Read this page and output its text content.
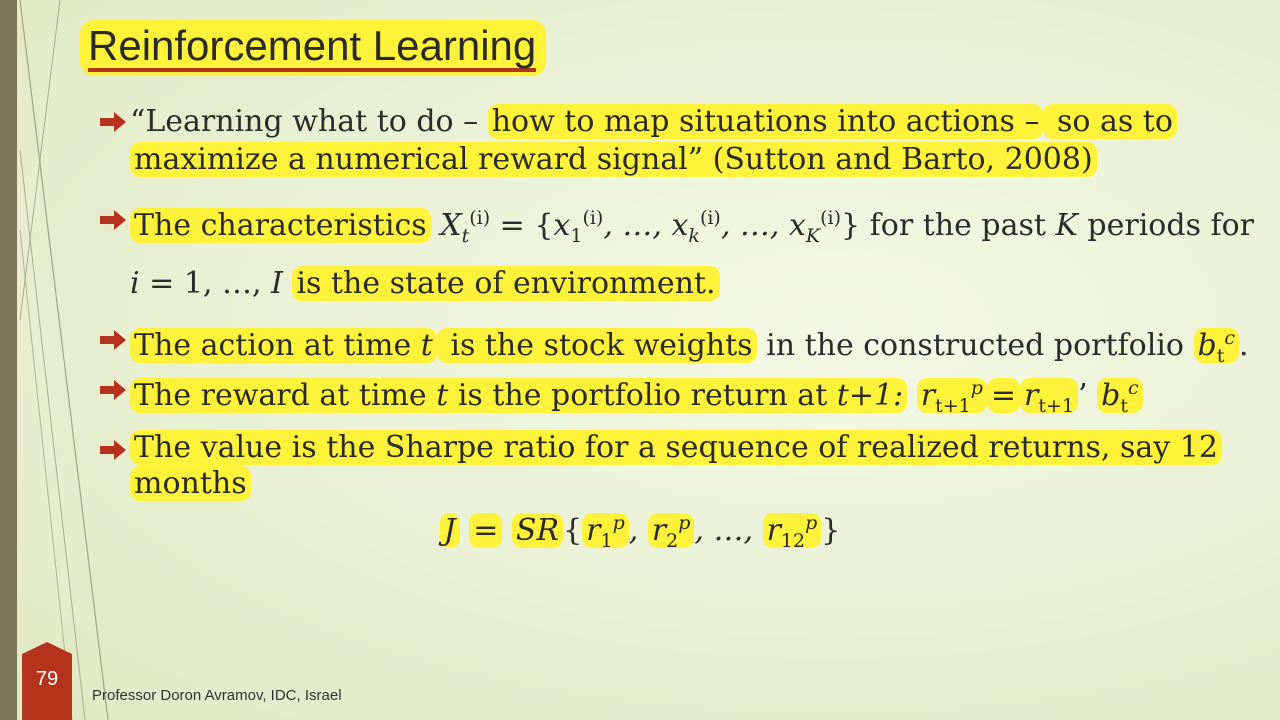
Reinforcement Learning
“Learning what to do – how to map situations into actions – so as to
maximize a numerical reward signal” (Sutton and Barto, 2008)
The characteristics $X_t^{(i)} = \{x_1^{(i)}$, …, $x_k^{(i)}$, …, $x_K^{(i)}$} for the past K periods for
i = 1, …, I is the state of environment.
The action at time t is the stock weights in the constructed portfolio $b_t^c$ .
The reward at time t is the portfolio return at t+1: $r_{t+1}^p = r_{t+1}$ ’ $b_t^c$
The value is the Sharpe ratio for a sequence of realized returns, say 12
months
J = SR { $r_1^p$ , $r_2^p$ , …, $r_{12}^p$ }
79
Professor Doron Avramov, IDC, Israel
